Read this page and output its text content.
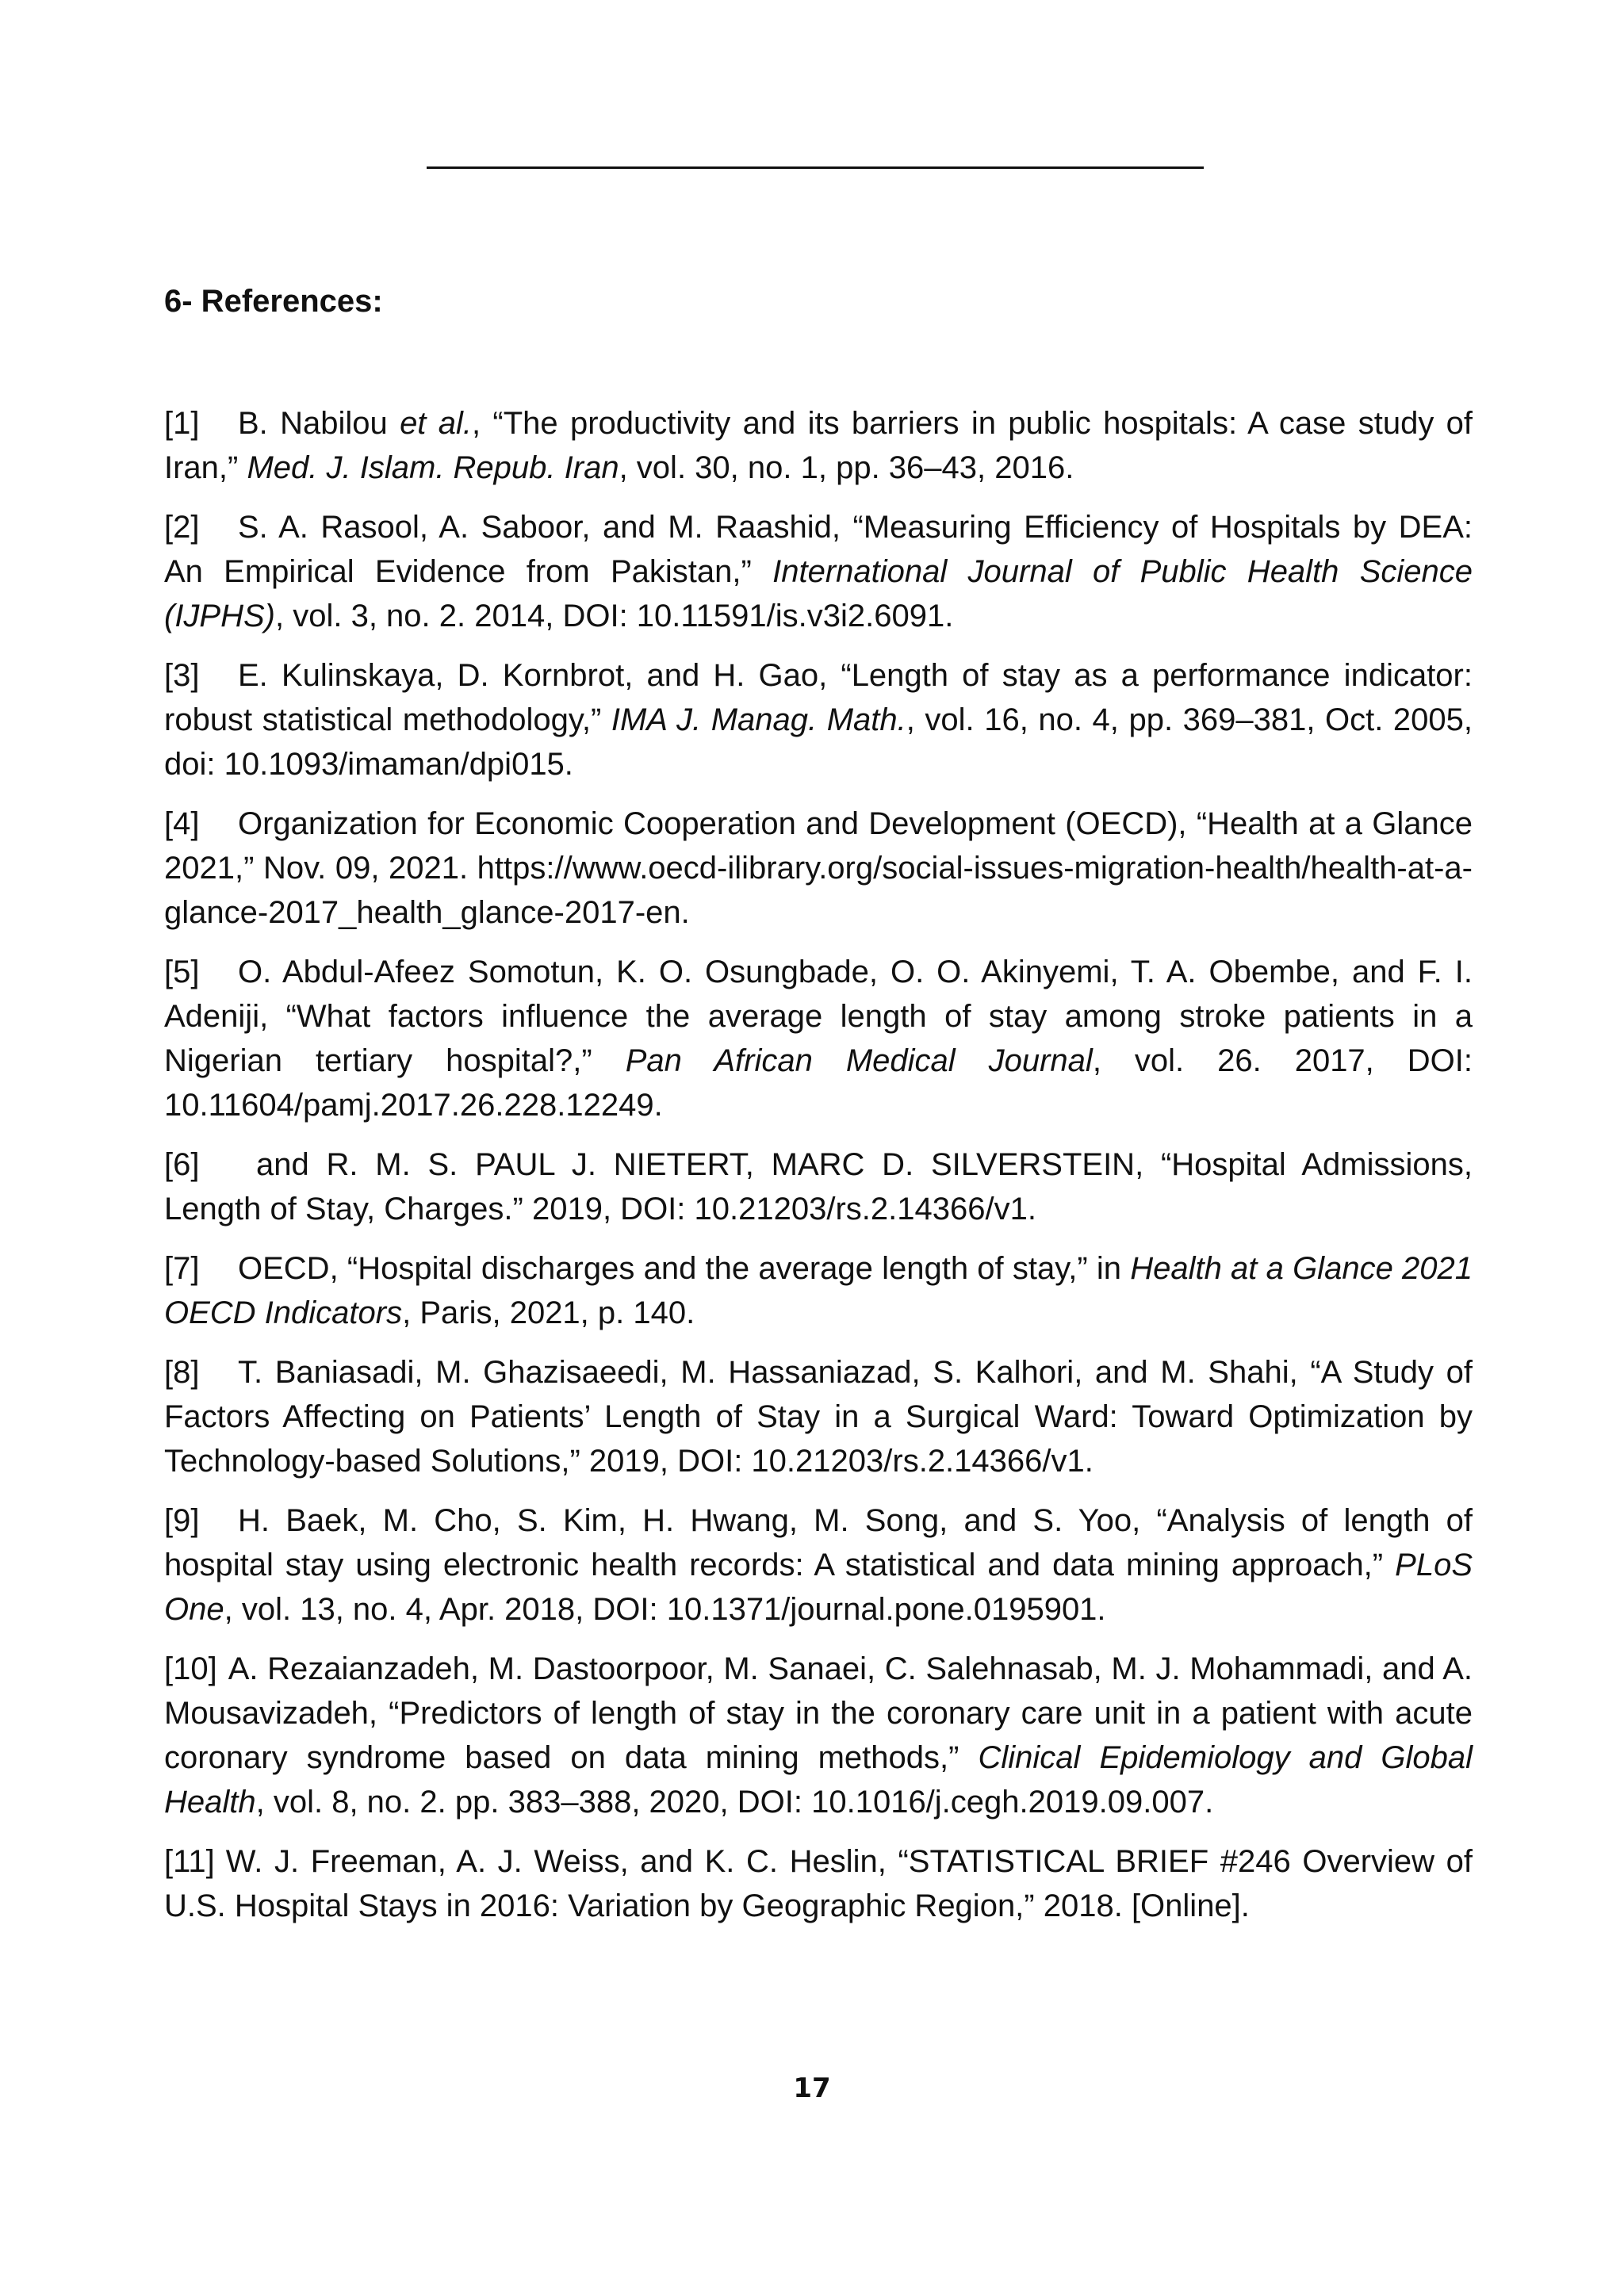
6- References:
[1] B. Nabilou et al., “The productivity and its barriers in public hospitals: A case study of Iran,” Med. J. Islam. Repub. Iran, vol. 30, no. 1, pp. 36–43, 2016.
[2] S. A. Rasool, A. Saboor, and M. Raashid, “Measuring Efficiency of Hospitals by DEA: An Empirical Evidence from Pakistan,” International Journal of Public Health Science (IJPHS), vol. 3, no. 2. 2014, DOI: 10.11591/is.v3i2.6091.
[3] E. Kulinskaya, D. Kornbrot, and H. Gao, “Length of stay as a performance indicator: robust statistical methodology,” IMA J. Manag. Math., vol. 16, no. 4, pp. 369–381, Oct. 2005, doi: 10.1093/imaman/dpi015.
[4] Organization for Economic Cooperation and Development (OECD), “Health at a Glance 2021,” Nov. 09, 2021. https://www.oecd-ilibrary.org/social-issues-migration-health/health-at-a-glance-2017_health_glance-2017-en.
[5] O. Abdul-Afeez Somotun, K. O. Osungbade, O. O. Akinyemi, T. A. Obembe, and F. I. Adeniji, “What factors influence the average length of stay among stroke patients in a Nigerian tertiary hospital?,” Pan African Medical Journal, vol. 26. 2017, DOI: 10.11604/pamj.2017.26.228.12249.
[6] and R. M. S. PAUL J. NIETERT, MARC D. SILVERSTEIN, “Hospital Admissions, Length of Stay, Charges.” 2019, DOI: 10.21203/rs.2.14366/v1.
[7] OECD, “Hospital discharges and the average length of stay,” in Health at a Glance 2021 OECD Indicators, Paris, 2021, p. 140.
[8] T. Baniasadi, M. Ghazisaeedi, M. Hassaniazad, S. Kalhori, and M. Shahi, “A Study of Factors Affecting on Patients’ Length of Stay in a Surgical Ward: Toward Optimization by Technology-based Solutions,” 2019, DOI: 10.21203/rs.2.14366/v1.
[9] H. Baek, M. Cho, S. Kim, H. Hwang, M. Song, and S. Yoo, “Analysis of length of hospital stay using electronic health records: A statistical and data mining approach,” PLoS One, vol. 13, no. 4, Apr. 2018, DOI: 10.1371/journal.pone.0195901.
[10] A. Rezaianzadeh, M. Dastoorpoor, M. Sanaei, C. Salehnasab, M. J. Mohammadi, and A. Mousavizadeh, “Predictors of length of stay in the coronary care unit in a patient with acute coronary syndrome based on data mining methods,” Clinical Epidemiology and Global Health, vol. 8, no. 2. pp. 383–388, 2020, DOI: 10.1016/j.cegh.2019.09.007.
[11] W. J. Freeman, A. J. Weiss, and K. C. Heslin, “STATISTICAL BRIEF #246 Overview of U.S. Hospital Stays in 2016: Variation by Geographic Region,” 2018. [Online].
17
